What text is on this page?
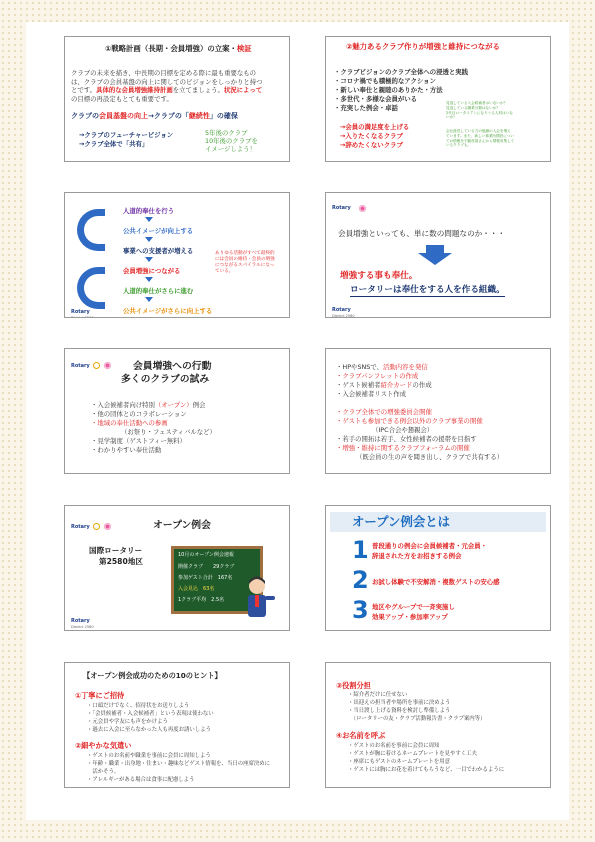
①戦略計画（長期・会員増強）の立案・検証
クラブの未来を描き、中長期の目標を定める際に最も重要なもの
は、クラブの会員基盤の向上に関してのビジョンをしっかりと持つ
とです。具体的な会員増強維持計画を立てましょう。状況によって
の目標の再設定もとても重要です。
クラブの会員基盤の向上→クラブの「継続性」の確保
→クラブのフューチャービジョン
→クラブ全体で「共有」
5年後のクラブ
10年後のクラブを
イメージしよう！
②魅力あるクラブ作りが増強と維持につながる
・クラブビジョンのクラブ全体への浸透と実践
・コロナ禍でも積極的なアクション
・新しい奉仕と親睦のありかた・方法
・多世代・多様な会員がいる
・充実した例会・卓話
→会員の満足度を上げる
→入りたくなるクラブ
→辞めたくないクラブ
見逃している入会候補者はいないか？
見逃している職業分類はないか？
2代目ロータリアンになりうる人材はいな
いか？
会社経営している方の後継の入会を増え
ています。また、新しい事業所開設につい
ての情報を不動産屋さんから情報収集して
いるクラブも。
人道的奉仕を行う
公共イメージが向上する
事業への支援者が増える
会員増強につながる
人道的奉仕がさらに進む
公共イメージがさらに向上する
ありゆる活動がすべて最終的
には会員の維持・会員の増強
につながるスパイラルになっ
ている。
Rotary
District 2580
Rotary
会員増強といっても、単に数の問題なのか・・・
増強する事も奉仕。
ロータリーは奉仕をする人を作る組織。
Rotary
District 2580
Rotary	会員増強への行動
多くのクラブの試み
・入会候補者向け特別（オープン）例会
・他の団体とのコラボレーション
・地域の奉仕活動への参画
（お祭り・フェスティバルなど）
・見学制度（ゲストフィー無料）
・わかりやすい奉仕活動
・HPやSNSで、活動内容を発信
・クラブパンフレットの作成
・ゲスト候補者紹介カードの作成
・入会候補者リスト作成
・クラブ全体での増強委員会開催
・ゲストも参加できる例会以外のクラブ事業の開催
（IPC合会や懇親会）
・若手の開拓は若手、女性候補者の援帯を目指す
・増強・維持に関するクラブフォーラムの開催
（既会員の生の声を聞き出し、クラブで共有する）
Rotary	オープン例会
国際ロータリー
第2580地区
10月のオープン例会速報
開催クラブ　　29クラブ
参加ゲスト合計　167名
入会見込　63名
1クラブ平均　2.5名
Rotary
District 2580
オープン例会とは
1 普段通りの例会に会員候補者・元会員・
辞退された方をお招きする例会
2 お試し体験で不安解消・複数ゲストの安心感
3 地区やグループで一斉実施し
効果アップ・参加率アップ
【オープン例会成功のための10のヒント】
①丁寧にご招待
・口頭だけでなく、招待状をお送りしよう
・「会員候補者・入会候補者」という表現は使わない
・元会員や学友にも声をかけよう
・過去に入会に至らなかった人も再度お誘いしよう
②細やかな気遣い
・ゲストのお名前や職業を事前に会員に周知しよう
・年齢・職業・出身地・住まい・趣味などゲスト情報を、当日の座席決めに
　活かそう。
・アレルギーがある場合は食事に配慮しよう
③役割分担
・紹介者だけに任せない
・出迎えの担当者や場所を事前に決めよう
・当日渡し上げる資料を検討し準備しよう
　（ロータリーの友・クラブ活動報告書・クラブ案内等）
④お名前を呼ぶ
・ゲストのお名前を事前に会員に周知
・ゲストが胸に着けるネームプレートを見やすく工夫
・座席にもゲストのネームプレートを用意
・ゲストには胸にお花を着けてもらうなど、一目でわかるように
